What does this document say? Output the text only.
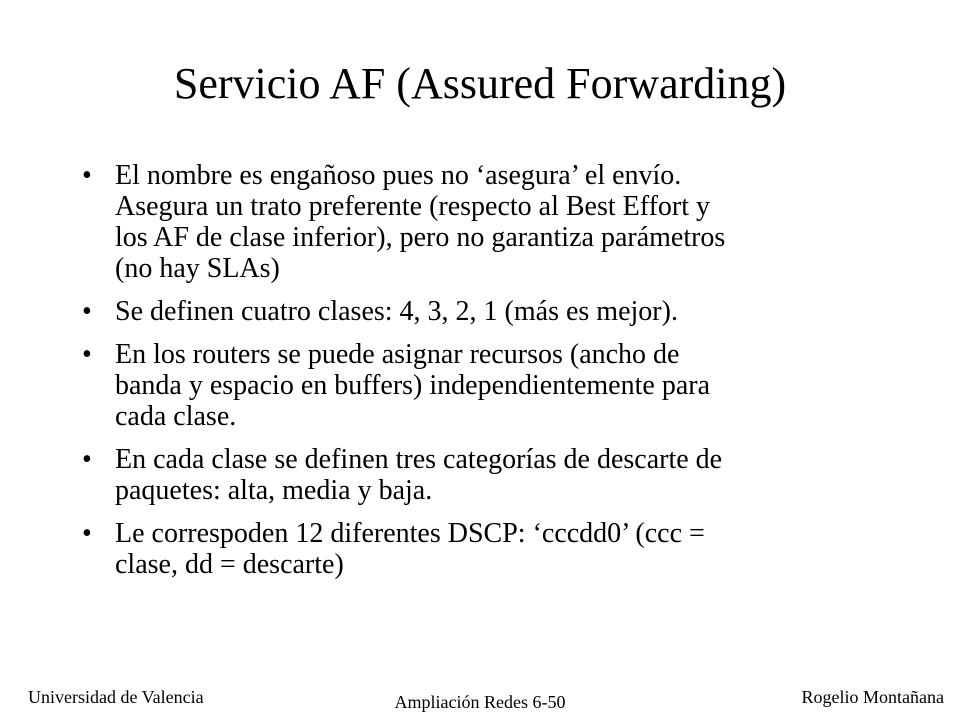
Servicio AF (Assured Forwarding)
• El nombre es engañoso pues no ‘asegura’ el envío.
Asegura un trato preferente (respecto al Best Effort y
los AF de clase inferior), pero no garantiza parámetros
(no hay SLAs)
• Se definen cuatro clases: 4, 3, 2, 1 (más es mejor).
• En los routers se puede asignar recursos (ancho de
banda y espacio en buffers) independientemente para
cada clase.
• En cada clase se definen tres categorías de descarte de
paquetes: alta, media y baja.
• Le correspoden 12 diferentes DSCP: ‘cccdd0’ (ccc =
clase, dd = descarte)
Universidad de Valencia	Ampliación Redes 6-50	Rogelio Montañana
